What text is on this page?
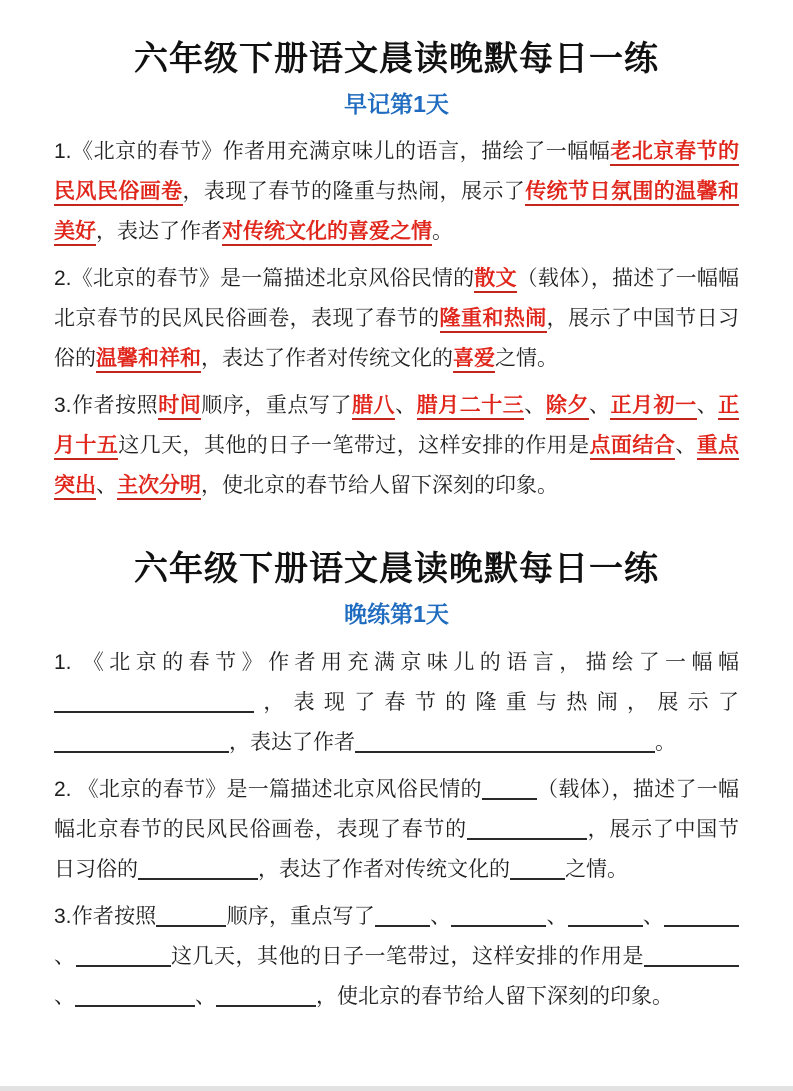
六年级下册语文晨读晚默每日一练
早记第1天

1.《北京的春节》作者用充满京味儿的语言，描绘了一幅幅老北京春节的民风民俗画卷，表现了春节的隆重与热闹，展示了传统节日氛围的温馨和美好，表达了作者对传统文化的喜爱之情。

2.《北京的春节》是一篇描述北京风俗民情的散文（载体），描述了一幅幅北京春节的民风民俗画卷，表现了春节的隆重和热闹，展示了中国节日习俗的温馨和祥和，表达了作者对传统文化的喜爱之情。

3.作者按照时间顺序，重点写了腊八、腊月二十三、除夕、正月初一、正月十五这几天，其他的日子一笔带过，这样安排的作用是点面结合、重点突出、主次分明，使北京的春节给人留下深刻的印象。

六年级下册语文晨读晚默每日一练
晚练第1天

1. 《北京的春节》作者用充满京味儿的语言，描绘了一幅幅，表现了春节的隆重与热闹，展示了，表达了作者	。

2. 《北京的春节》是一篇描述北京风俗民情的	（载体），描述了一幅幅北京春节的民风民俗画卷，表现了春节的	，展示了中国节日习俗的	，表达了作者对传统文化的	之情。

3.作者按照	顺序，重点写了	、	、	、、	这几天，其他的日子一笔带过，这样安排的作用是、	、	，使北京的春节给人留下深刻的印象。
